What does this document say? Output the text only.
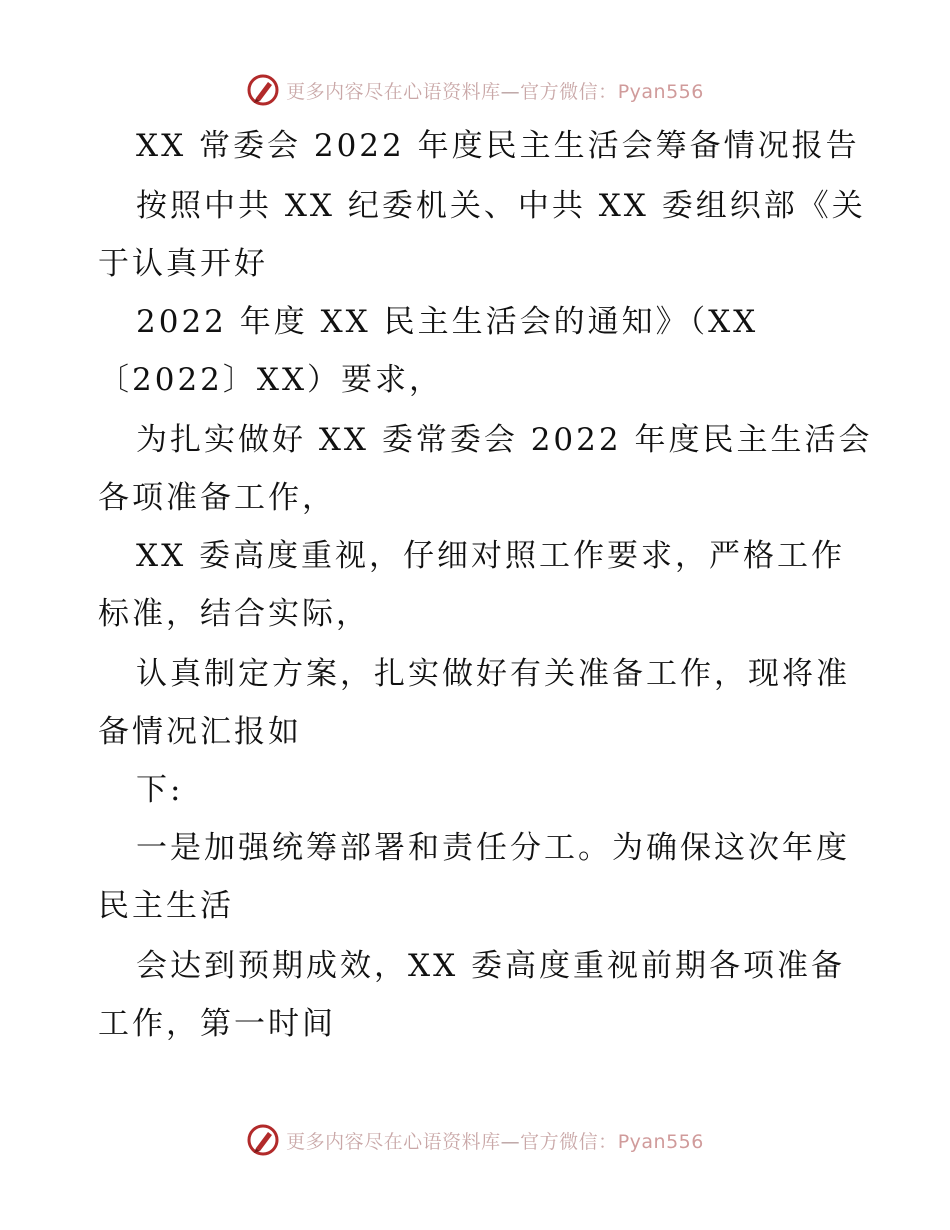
更多内容尽在心语资料库—官方微信：Pyan556
XX 常委会 2022 年度民主生活会筹备情况报告
按照中共 XX 纪委机关、中共 XX 委组织部《关
于认真开好
2022 年度 XX 民主生活会的通知》（XX
〔2022〕XX）要求，
为扎实做好 XX 委常委会 2022 年度民主生活会
各项准备工作，
XX 委高度重视，仔细对照工作要求，严格工作
标准，结合实际，
认真制定方案，扎实做好有关准备工作，现将准
备情况汇报如
下:
一是加强统筹部署和责任分工。为确保这次年度
民主生活
会达到预期成效，XX 委高度重视前期各项准备
工作，第一时间
更多内容尽在心语资料库—官方微信：Pyan556
